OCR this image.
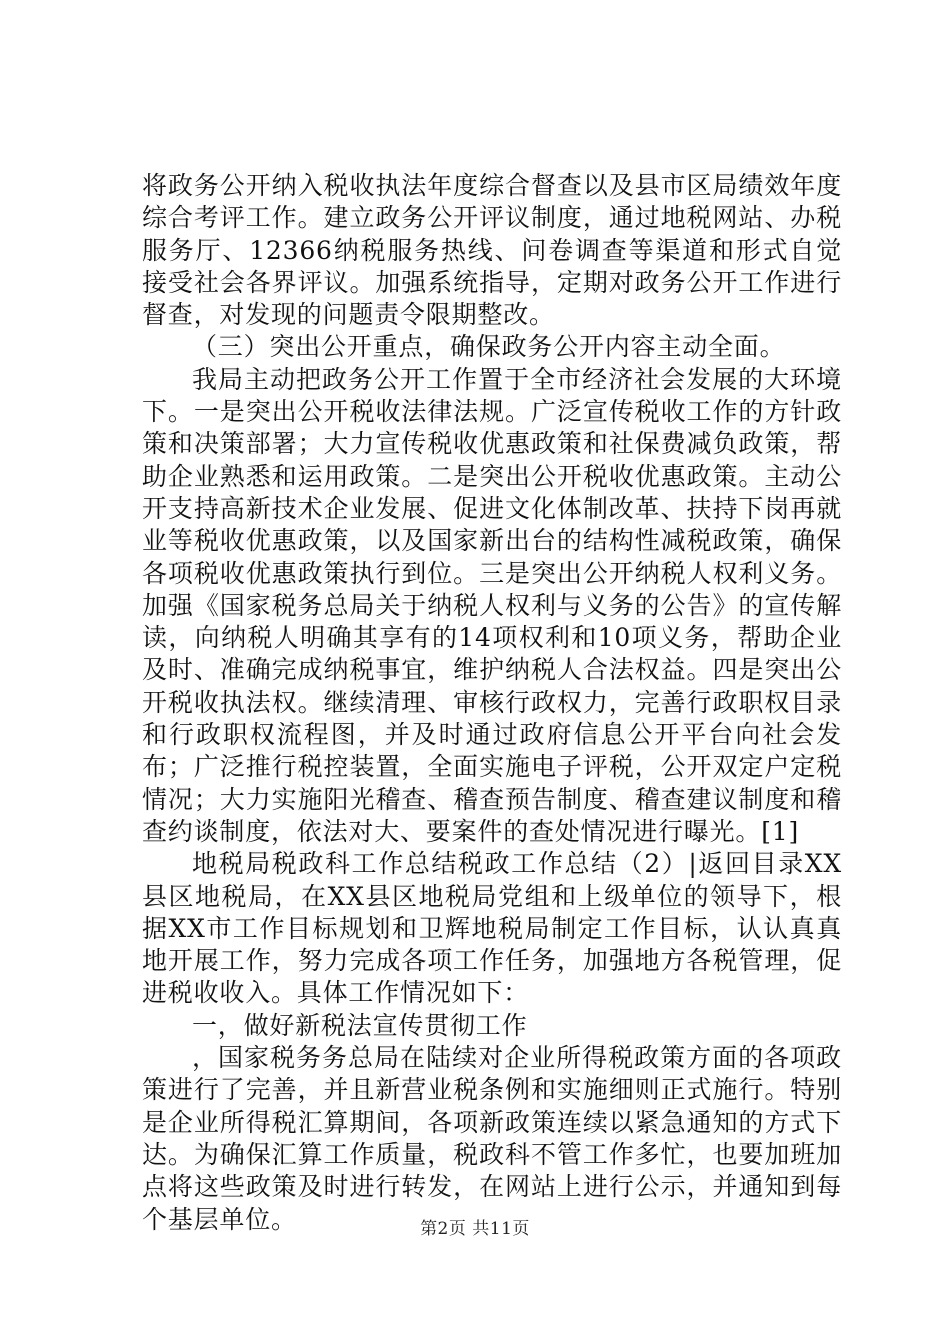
将政务公开纳入税收执法年度综合督查以及县市区局绩效年度综合考评工作。建立政务公开评议制度，通过地税网站、办税服务厅、12366纳税服务热线、问卷调查等渠道和形式自觉接受社会各界评议。加强系统指导，定期对政务公开工作进行督查，对发现的问题责令限期整改。

（三）突出公开重点，确保政务公开内容主动全面。

我局主动把政务公开工作置于全市经济社会发展的大环境下。一是突出公开税收法律法规。广泛宣传税收工作的方针政策和决策部署；大力宣传税收优惠政策和社保费减负政策，帮助企业熟悉和运用政策。二是突出公开税收优惠政策。主动公开支持高新技术企业发展、促进文化体制改革、扶持下岗再就业等税收优惠政策，以及国家新出台的结构性减税政策，确保各项税收优惠政策执行到位。三是突出公开纳税人权利义务。加强《国家税务总局关于纳税人权利与义务的公告》的宣传解读，向纳税人明确其享有的14项权利和10项义务，帮助企业及时、准确完成纳税事宜，维护纳税人合法权益。四是突出公开税收执法权。继续清理、审核行政权力，完善行政职权目录和行政职权流程图，并及时通过政府信息公开平台向社会发布；广泛推行税控装置，全面实施电子评税，公开双定户定税情况；大力实施阳光稽查、稽查预告制度、稽查建议制度和稽查约谈制度，依法对大、要案件的查处情况进行曝光。[1]

地税局税政科工作总结税政工作总结（2）|返回目录XX县区地税局，在XX县区地税局党组和上级单位的领导下，根据XX市工作目标规划和卫辉地税局制定工作目标，认认真真地开展工作，努力完成各项工作任务，加强地方各税管理，促进税收收入。具体工作情况如下：

一，做好新税法宣传贯彻工作

，国家税务务总局在陆续对企业所得税政策方面的各项政策进行了完善，并且新营业税条例和实施细则正式施行。特别是企业所得税汇算期间，各项新政策连续以紧急通知的方式下达。为确保汇算工作质量，税政科不管工作多忙，也要加班加点将这些政策及时进行转发，在网站上进行公示，并通知到每个基层单位。	第2页 共11页
